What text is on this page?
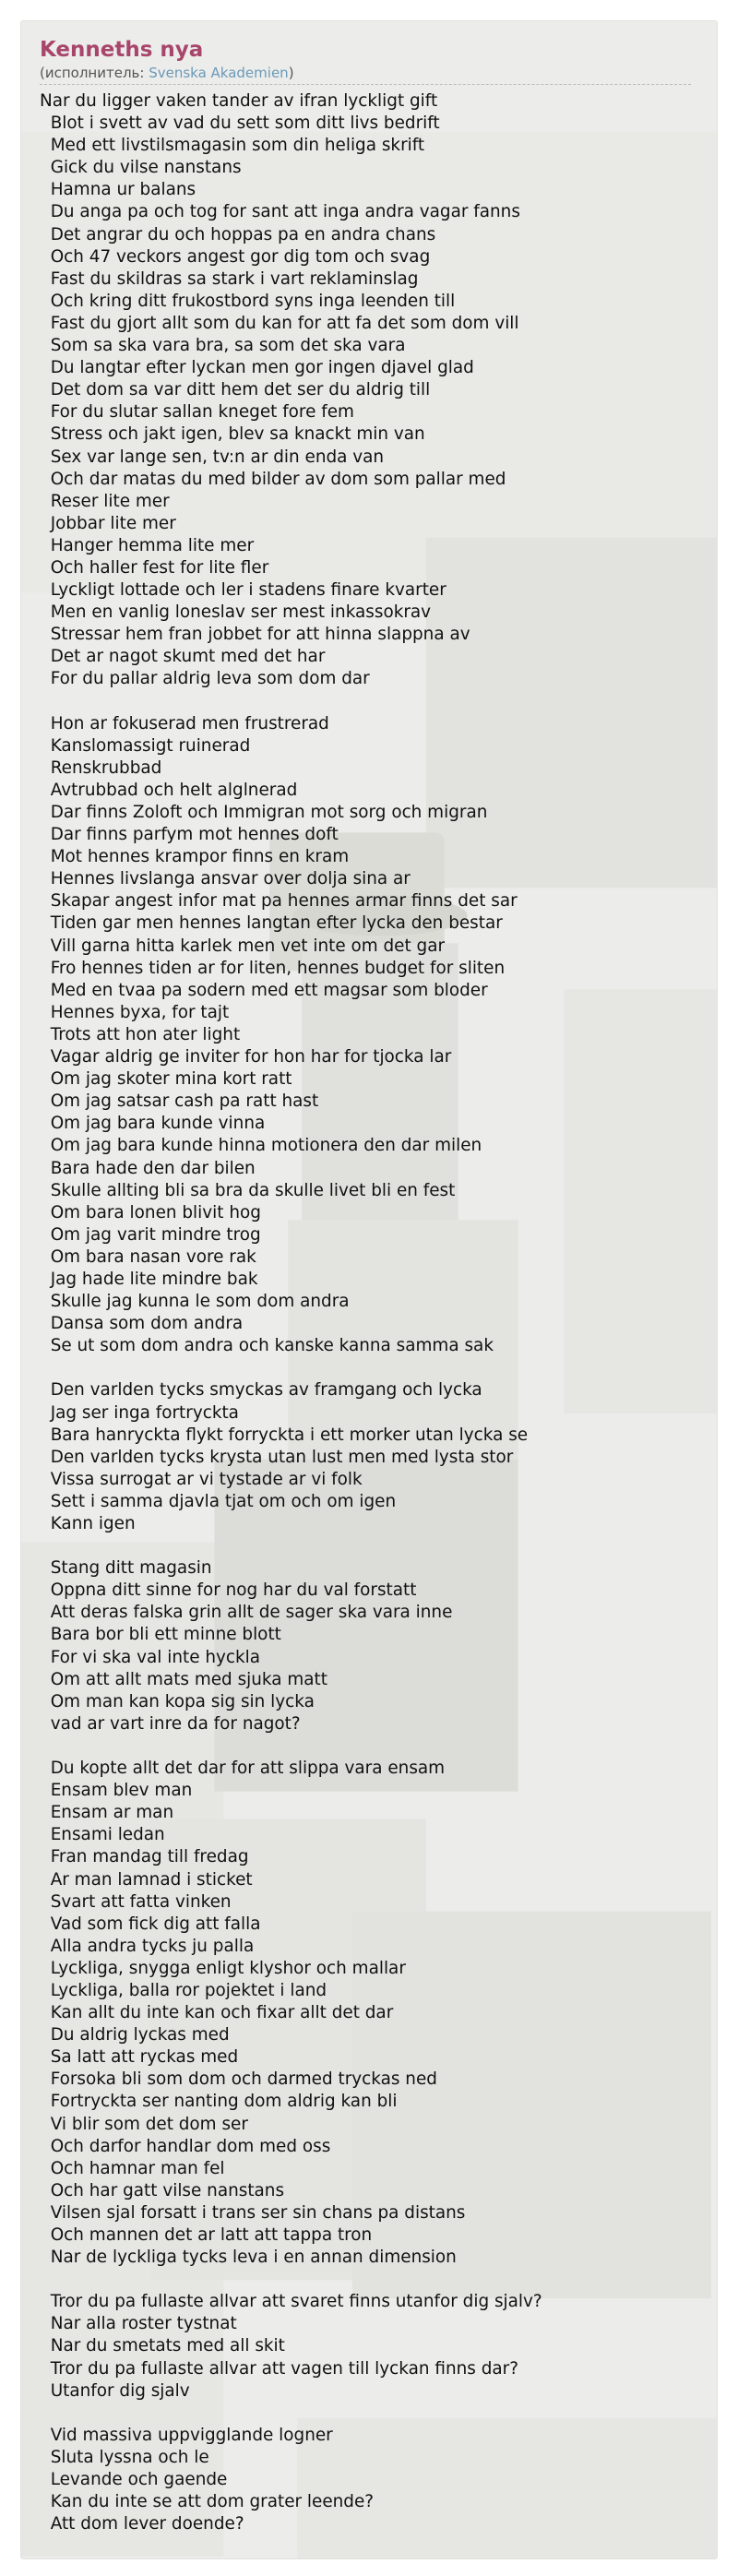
Kenneths nya
(исполнитель: Svenska Akademien)
Nar du ligger vaken tander av ifran lyckligt gift
Blot i svett av vad du sett som ditt livs bedrift
Med ett livstilsmagasin som din heliga skrift
Gick du vilse nanstans
Hamna ur balans
Du anga pa och tog for sant att inga andra vagar fanns
Det angrar du och hoppas pa en andra chans
Och 47 veckors angest gor dig tom och svag
Fast du skildras sa stark i vart reklaminslag
Och kring ditt frukostbord syns inga leenden till
Fast du gjort allt som du kan for att fa det som dom vill
Som sa ska vara bra, sa som det ska vara
Du langtar efter lyckan men gor ingen djavel glad
Det dom sa var ditt hem det ser du aldrig till
For du slutar sallan kneget fore fem
Stress och jakt igen, blev sa knackt min van
Sex var lange sen, tv:n ar din enda van
Och dar matas du med bilder av dom som pallar med
Reser lite mer
Jobbar lite mer
Hanger hemma lite mer
Och haller fest for lite fler
Lyckligt lottade och ler i stadens finare kvarter
Men en vanlig loneslav ser mest inkassokrav
Stressar hem fran jobbet for att hinna slappna av
Det ar nagot skumt med det har
For du pallar aldrig leva som dom dar
Hon ar fokuserad men frustrerad
Kanslomassigt ruinerad
Renskrubbad
Avtrubbad och helt alglnerad
Dar finns Zoloft och Immigran mot sorg och migran
Dar finns parfym mot hennes doft
Mot hennes krampor finns en kram
Hennes livslanga ansvar over dolja sina ar
Skapar angest infor mat pa hennes armar finns det sar
Tiden gar men hennes langtan efter lycka den bestar
Vill garna hitta karlek men vet inte om det gar
Fro hennes tiden ar for liten, hennes budget for sliten
Med en tvaa pa sodern med ett magsar som bloder
Hennes byxa, for tajt
Trots att hon ater light
Vagar aldrig ge inviter for hon har for tjocka lar
Om jag skoter mina kort ratt
Om jag satsar cash pa ratt hast
Om jag bara kunde vinna
Om jag bara kunde hinna motionera den dar milen
Bara hade den dar bilen
Skulle allting bli sa bra da skulle livet bli en fest
Om bara lonen blivit hog
Om jag varit mindre trog
Om bara nasan vore rak
Jag hade lite mindre bak
Skulle jag kunna le som dom andra
Dansa som dom andra
Se ut som dom andra och kanske kanna samma sak
Den varlden tycks smyckas av framgang och lycka
Jag ser inga fortryckta
Bara hanryckta flykt forryckta i ett morker utan lycka se
Den varlden tycks krysta utan lust men med lysta stor
Vissa surrogat ar vi tystade ar vi folk
Sett i samma djavla tjat om och om igen
Kann igen
Stang ditt magasin
Oppna ditt sinne for nog har du val forstatt
Att deras falska grin allt de sager ska vara inne
Bara bor bli ett minne blott
For vi ska val inte hyckla
Om att allt mats med sjuka matt
Om man kan kopa sig sin lycka
vad ar vart inre da for nagot?
Du kopte allt det dar for att slippa vara ensam
Ensam blev man
Ensam ar man
Ensami ledan
Fran mandag till fredag
Ar man lamnad i sticket
Svart att fatta vinken
Vad som fick dig att falla
Alla andra tycks ju palla
Lyckliga, snygga enligt klyshor och mallar
Lyckliga, balla ror pojektet i land
Kan allt du inte kan och fixar allt det dar
Du aldrig lyckas med
Sa latt att ryckas med
Forsoka bli som dom och darmed tryckas ned
Fortryckta ser nanting dom aldrig kan bli
Vi blir som det dom ser
Och darfor handlar dom med oss
Och hamnar man fel
Och har gatt vilse nanstans
Vilsen sjal forsatt i trans ser sin chans pa distans
Och mannen det ar latt att tappa tron
Nar de lyckliga tycks leva i en annan dimension
Tror du pa fullaste allvar att svaret finns utanfor dig sjalv?
Nar alla roster tystnat
Nar du smetats med all skit
Tror du pa fullaste allvar att vagen till lyckan finns dar?
Utanfor dig sjalv
Vid massiva uppvigglande logner
Sluta lyssna och le
Levande och gaende
Kan du inte se att dom grater leende?
Att dom lever doende?
